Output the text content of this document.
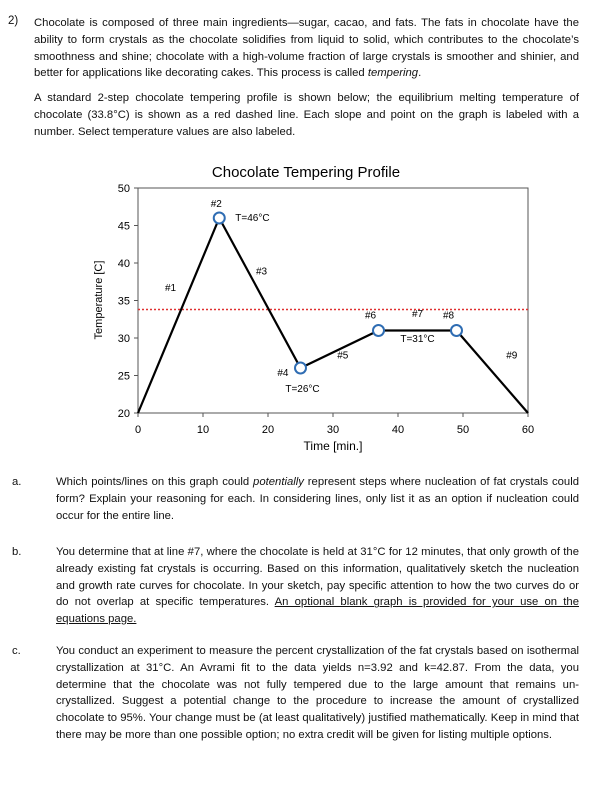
2) Chocolate is composed of three main ingredients—sugar, cacao, and fats. The fats in chocolate have the ability to form crystals as the chocolate solidifies from liquid to solid, which contributes to the chocolate’s smoothness and shine; chocolate with a high-volume fraction of large crystals is smoother and shinier, and better for applications like decorating cakes. This process is called tempering.
A standard 2-step chocolate tempering profile is shown below; the equilibrium melting temperature of chocolate (33.8°C) is shown as a red dashed line. Each slope and point on the graph is labeled with a number. Select temperature values are also labeled.
Chocolate Tempering Profile
Temperature [C]
Time [min.]
20
25
30
35
40
45
50
0	10	20	30	40	50	60
#2
T=46°C
#4
T=26°C
#6	#8
#1
#3
#5
#7
#9
T=31°C
a.	Which points/lines on this graph could potentially represent steps where nucleation of fat crystals could form? Explain your reasoning for each. In considering lines, only list it as an option if nucleation could occur for the entire line.
b.	You determine that at line #7, where the chocolate is held at 31°C for 12 minutes, that only growth of the already existing fat crystals is occurring. Based on this information, qualitatively sketch the nucleation and growth rate curves for chocolate. In your sketch, pay specific attention to how the two curves do or do not overlap at specific temperatures. An optional blank graph is provided for your use on the equations page.
c.	You conduct an experiment to measure the percent crystallization of the fat crystals based on isothermal crystallization at 31°C. An Avrami fit to the data yields n=3.92 and k=42.87. From the data, you determine that the chocolate was not fully tempered due to the large amount that remains un-crystallized. Suggest a potential change to the procedure to increase the amount of crystallized chocolate to 95%. Your change must be (at least qualitatively) justified mathematically. Keep in mind that there may be more than one possible option; no extra credit will be given for listing multiple options.
